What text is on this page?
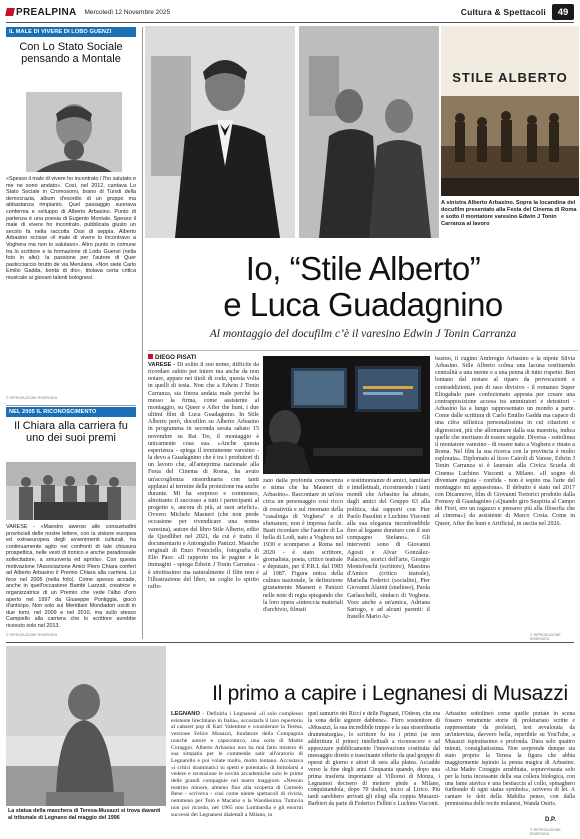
PREALPINA Mercoledì 12 Novembre 2025	Cultura & Spettacoli	49
IL MALE DI VIVERE DI LOBO GUENZI
Con Lo Stato Sociale pensando a Montale
«Spesso il male di vivere ho incontrato / l'ho salutato e me ne sono andato». Così, nel 2012, cantava Lo Stato Sociale in Cromosomi, brano di Turisti della democrazia, album d'esordio di un gruppo ma abbastanza rimpianto. Quel passaggio suonava conferma e sviluppo di Alberto Arbasino. Punto di partenza è una poesia di Eugenio Montale, Spesso il male di vivere ho incontrato, pubblicata giusto un secolo fa nella raccolta Ossi di seppia. Alberto Arbasino scrisse «il male di vivere lo incontravo a Voghera ma non lo salutavo». Altro punto in comune tra lo scrittore e la formazione di Lodo Guenzi (nella foto in alto): la passione per l'autore di Quer pasticciaccio brutto de via Merulana. «Non siete Carlo Emilio Gadda, bontà di dio», titolava certa critica musicale ai giovani talenti bolognesi.
© RIPRODUZIONE RISERVATA
NEL 2005 IL RICONOSCIMENTO
Il Chiara alla carriera fu uno dei suoi premi
VARESE - «Maestro awerso alle consuetudini provinciali delle nostre lettere, con la visione europea ed extraeuropea degli avvenimenti culturali, ha continuamente agito nei confronti di tale chiusura prospettica, nelle vesti di ironico e anche paradossale sollecitatore, a smuoverla ed aprirla». Con questa motivazione l'Associazione Amici Piero Chiara conferì ad Alberto Arbasino il Premio Chiara alla carriera. Lo fece nel 2005 (nella foto). Come spesso accade, anche in quell'occasione Bambi Lazzati, creatrice e organizzatrice di un Premio che vede l'albo d'oro aperto nel 1997 da Giuseppe Pontiggia, giocò d'anticipo. Non solo sui Meridiani Mondadori usciti in due tomi, nel 2009 e nel 2010, ma sullo stesso Campiello alla carriera che lo scrittore avrebbe ricevuto solo nel 2013.
© RIPRODUZIONE RISERVATA
STILE ALBERTO
A sinistra Alberto Arbasino. Sopra la locandina del docufilm presentato alla Festa del Cinema di Roma e sotto il montatore varesino Edwin J Tonin Carranza al lavoro
Io, “Stile Alberto”
e Luca Guadagnino
Al montaggio del docufilm c’è il varesino Edwin J Tonin Carranza
DIEGO PISATI
VARESE - Di solito il suo nome, difficile da ricordare subito per intero ma anche da non notare, appare nei titoli di coda, questa volta in quelli di testa. Non che a Edwin J Tonin Carranza, sia finora andata male perché ha messo la firma, come assistente al montaggio, su Queer e After the hunt, i due ultimi film di Luca Guadagnino. In Stile Alberto però, docufilm su Alberto Arbasino in programma in seconda serata sabato 15 novembre su Rai Tre, il montaggio è unicamente cosa sua. «Anche questa esperienza - spiega il trentunenne varesino - la devo a Guadagnino che è tra i produttori di un lavoro che, all'anteprima nazionale alla Festa del Cinema di Roma, ha avuto un'accoglienza straordinaria con tanti applausi al termine della proiezione ma anche durante. Mi ha sorpreso e commosso, altrettanto il successo a tutti i partecipanti al progetto e, ancora di più, ai suoi artefici». Ovvero Michele Masneri (che non perde occasione per rivendicare una nonna varesina), autore del libro Stile Alberto, edito da Quodlibet nel 2021, da cui è tratto il documentario e Antongiulio Panizzi. Masiche originali di Enzo Foniciello, fotografia di Elio Pace. «Il rapporto tra le pagine e le immagini - spiega Edwin J Tonin Carranza - è strettissimo ma naturalmente il film non è l'illustrazione del libro, ne coglie lo spirito raffo-
zato dalla profonda conoscenza e stima che ha Masneri di Arbasino». Raccontare in un'ora circa un personaggio così ricco di creatività e sul rinomato della "casalinga di Voghera" e di sfumature, non è impresa facile. Basti ricordare che l'autore di La bella di Lodi, nato a Voghera nel 1930 e scomparso a Roma nel 2020 - è stato scrittore, giornalista, poeta, critico teatrale e deputato, per il P.R.I. dal 1983 al 1987. Figura unica della cultura nazionale, le definizione giustamente Masneri e Panizzi nelle note di regia spiegando che la loro opera «intreccia materiali d'archivio, filmati
e testimonianze di amici, familiari e intellettuali, ricostruendo i tanti mondi che Arbasino ha abitato, dagli amici del Gruppo 63 alla politica, dai rapporti con Pier Paolo Pasolini e Luchino Visconti alla sua eleganza inconfondibile fino al legame duraturo con il suo compagno Stefano». Gli interventi sono di Giovanni Agosti e Alvar González-Palacios, storici dell'arte, Giorgio Montefoschi (scrittore), Massimo d'Amico (critico teatrale), Mariella Federici (socialite), Pier Giovanni Alaimi (studioso), Paola Garlaschelli, sindaco di Voghera. Voce anche a un'amica, Adriana Sartogo, e ad alcuni parenti: il fratello Mario Ar-
basino, il cugino Ambrogio Arbasino e la nipote Silvia Arbasino. Stile Alberto colma una lacuna restituendo centralità a una mente e a una penna di tutto rispetto. Ben lontano dal restare al riparo da provocazioni e contraddizioni, pun di raso divisivo - il romanzo Super Eliogabalo pare confezionato apposta per creare una contrapposizione accesa tra ammiratori e detrattori - Arbasino ha a lungo rappresentato un mondo a parte. Come dalle scrittura di Carlo Emilio Gadda ma capace di una cifra stilistica personalissima in cui citazioni e digressioni, più che allontanare dalla sua maestria, indica quelle che meritano di essere seguite. Diversa - sottolinea il montatore varesino - di essere nato a Voghera e rinato a Roma. Nel film la sua ricerca con la provincia è molto esplorata». Diplomato al liceo Cairoli di Varese, Edwin J Tonin Carranza si è laureato alla Civica Scuola di Cinema Luchino Visconti a Milano. «Il sogno di diventare regista - confida - non è sopito ma l'arte del montaggio mi appassiona». Il debutto è stato nel 2017 con Dicannove, film di Giovanni Tortorici prodotto dalla Frenesy di Guadagnino («Quando giro Suspiria al Campo dei Fiori, ero un ragazzo e pensavo più alla filosofia che al cinema») da assistente di Marco Costa. Come in Queer, After the hunt e Artificial, in uscita nel 2026.
© RIPRODUZIONE RISERVATA
La statua della maschera di Teresa-Musazzi si trova davanti al tribunale di Legnano dal maggio del 1996
Il primo a capire i Legnanesi di Musazzi
LEGNANO - Definirla i Legnanesi «il solo complesso esistente brechtiano in Italia», accostarla il loro repertorio al cabaret pop di Karl Valentine e considerare la Teresa, versione Felice Musazzi, fondatore della Compagnia nonché autore e capocomico, una sorta di Madre Coraggio. Alberto Arbasino non ha mai fatto mistero di sua simpatia per le commedie satir all'oratorio di Legnarello e poi volate molto, molto lontano. Accostava «i critici drammatici tu spetti e potentati» di Intitolarsi a vedere e recensione le novità accademiche solo le prime delle grandi compagnie nel teatro maggiore. «Nessun teatrino minore, almeno fino alla scoperta di Carmelo Bene - scriveva - così come niente spettacoli di rivista, nemmeno per Totò e Macario o la Wandissima. Tuttavia non poi ricordo, nel 1965 non Lombardia e gli enormi successi dei Legnanesi dialettali a Milano, in
quel samurio dei Ricci e delle Pagnani, l'Odeon, che era la sona delle signore dabbene». Fiero sostenitore di «Musazzi, la sua incredibile truppe e la sua straordinaria drammaturgia», lo scrittore fu tra i primi (se non addirittura il primo) intellettuali a riconoscere e ad apprezzare pubblicamente l'innovazione costituita dal messaggio diretto e trascinante offerto da quel gruppo di operai di giorno e attori di sera alla platea. Accadde verso la fine degli anni Cinquanta quando, dopo una prima trasferta importante al Villoresi di Monza, i Legnanesi decisero di mettere piede a Milano, conquistandola, dopo 70 dodici, tocco al Lirico. Più tardi sarebbero arrivati gli elogi alla coppia Musazzi-Barbieri da parte di Federico Fellini e Luchino Visconti.
Arbasino sottolineò come quelle portate in scena fossero veramente storie di proletariato scritte e rappresentate da proletari, test avvalorata da un'intervista, davvero bella, reperibile su YouTube, a Musazzi ispiratissimo e profonda. Dura solo quattro minuti, consigliatissima. Non sorprende dunque sia stato proprio la Teresa la figura che abbia maggiormente ispirato la penna magica di Arbasino. «Una Madre Coraggio arrabbiata, sopravvissuta solo per la furia incessante della sua collera biologica, con una fame atavica e una bestiaccia al collo, spinaghero furibondo di ogni status symbols», scriveva di lei. A cantare le doti della Mabilia penso, con dalla premissima delle recite milanesi, Wanda Osiris.
D.P.
© RIPRODUZIONE RISERVATA
